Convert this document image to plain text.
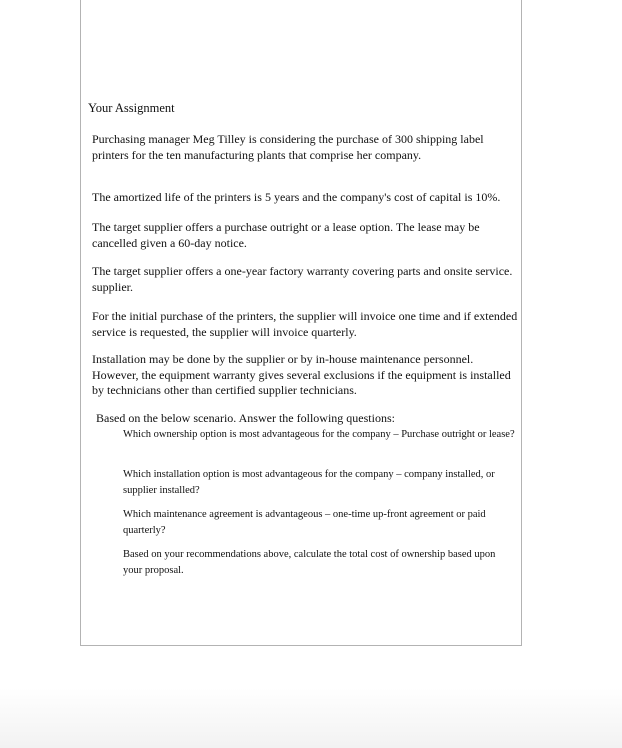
Your Assignment

Purchasing manager Meg Tilley is considering the purchase of 300 shipping label printers for the ten manufacturing plants that comprise her company.

The amortized life of the printers is 5 years and the company's cost of capital is 10%.

The target supplier offers a purchase outright or a lease option. The lease may be cancelled given a 60-day notice.

The target supplier offers a one-year factory warranty covering parts and onsite service. supplier.

For the initial purchase of the printers, the supplier will invoice one time and if extended service is requested, the supplier will invoice quarterly.

Installation may be done by the supplier or by in-house maintenance personnel. However, the equipment warranty gives several exclusions if the equipment is installed by technicians other than certified supplier technicians.

Based on the below scenario. Answer the following questions:

Which ownership option is most advantageous for the company – Purchase outright or lease?

Which installation option is most advantageous for the company – company installed, or supplier installed?

Which maintenance agreement is advantageous – one-time up-front agreement or paid quarterly?

Based on your recommendations above, calculate the total cost of ownership based upon your proposal.
